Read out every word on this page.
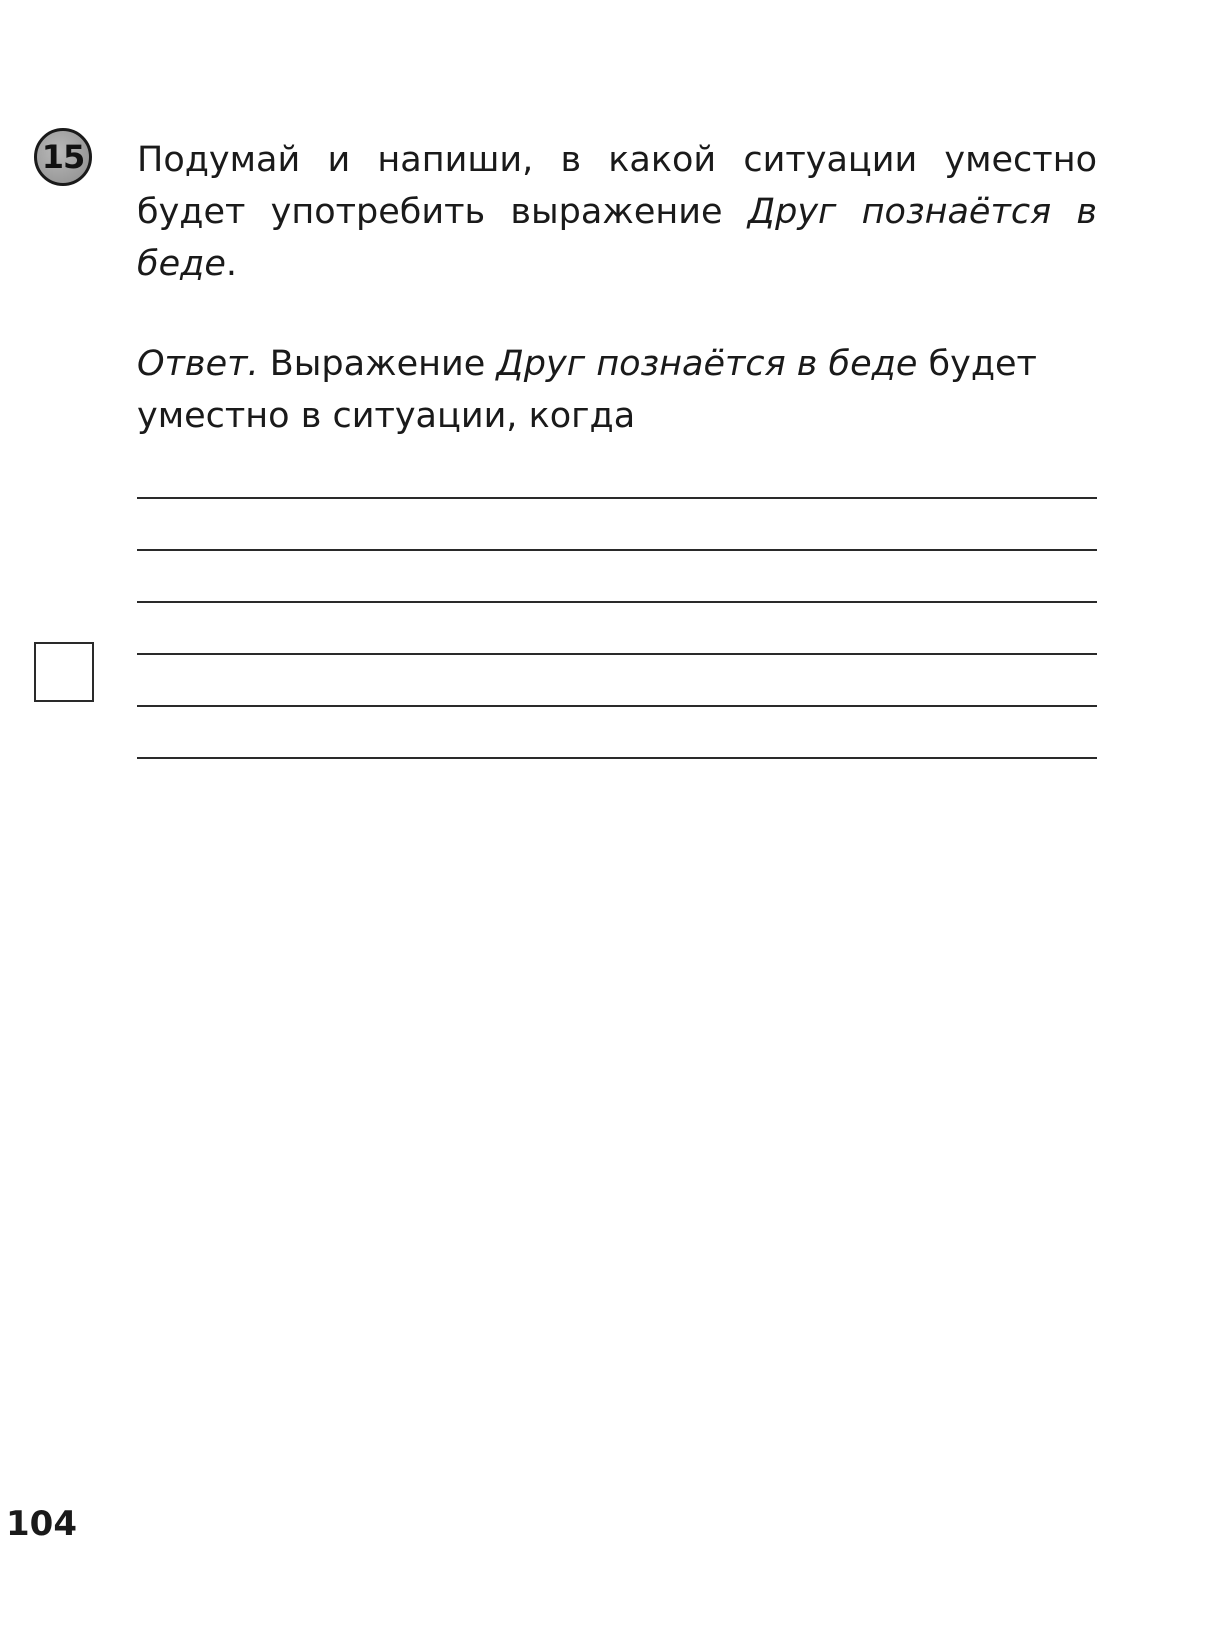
15 Подумай и напиши, в какой ситуации уместно будет употребить выражение Друг познаётся в беде.

Ответ. Выражение Друг познаётся в беде будет уместно в ситуации, когда

104
